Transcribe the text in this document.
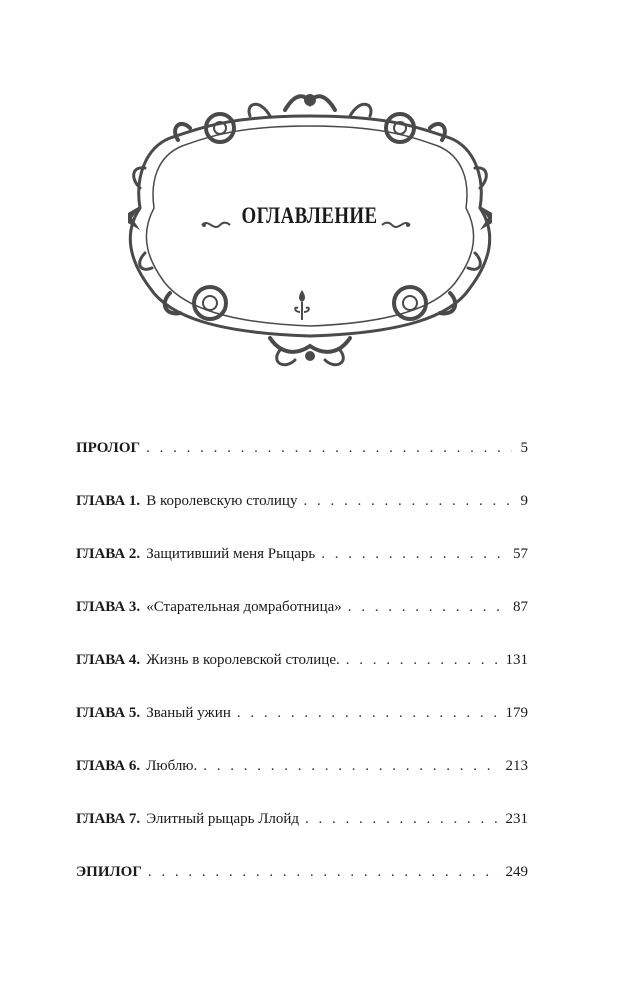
ОГЛАВЛЕНИЕ
ПРОЛОГ . . .	5
ГЛАВА 1. В королевскую столицу . . .	9
ГЛАВА 2. Защитивший меня Рыцарь . . .	57
ГЛАВА 3. «Старательная домработница» . . .	87
ГЛАВА 4. Жизнь в королевской столице. . . .	131
ГЛАВА 5. Званый ужин . . .	179
ГЛАВА 6. Люблю. . . .	213
ГЛАВА 7. Элитный рыцарь Ллойд . . .	231
ЭПИЛОГ . . .	249
